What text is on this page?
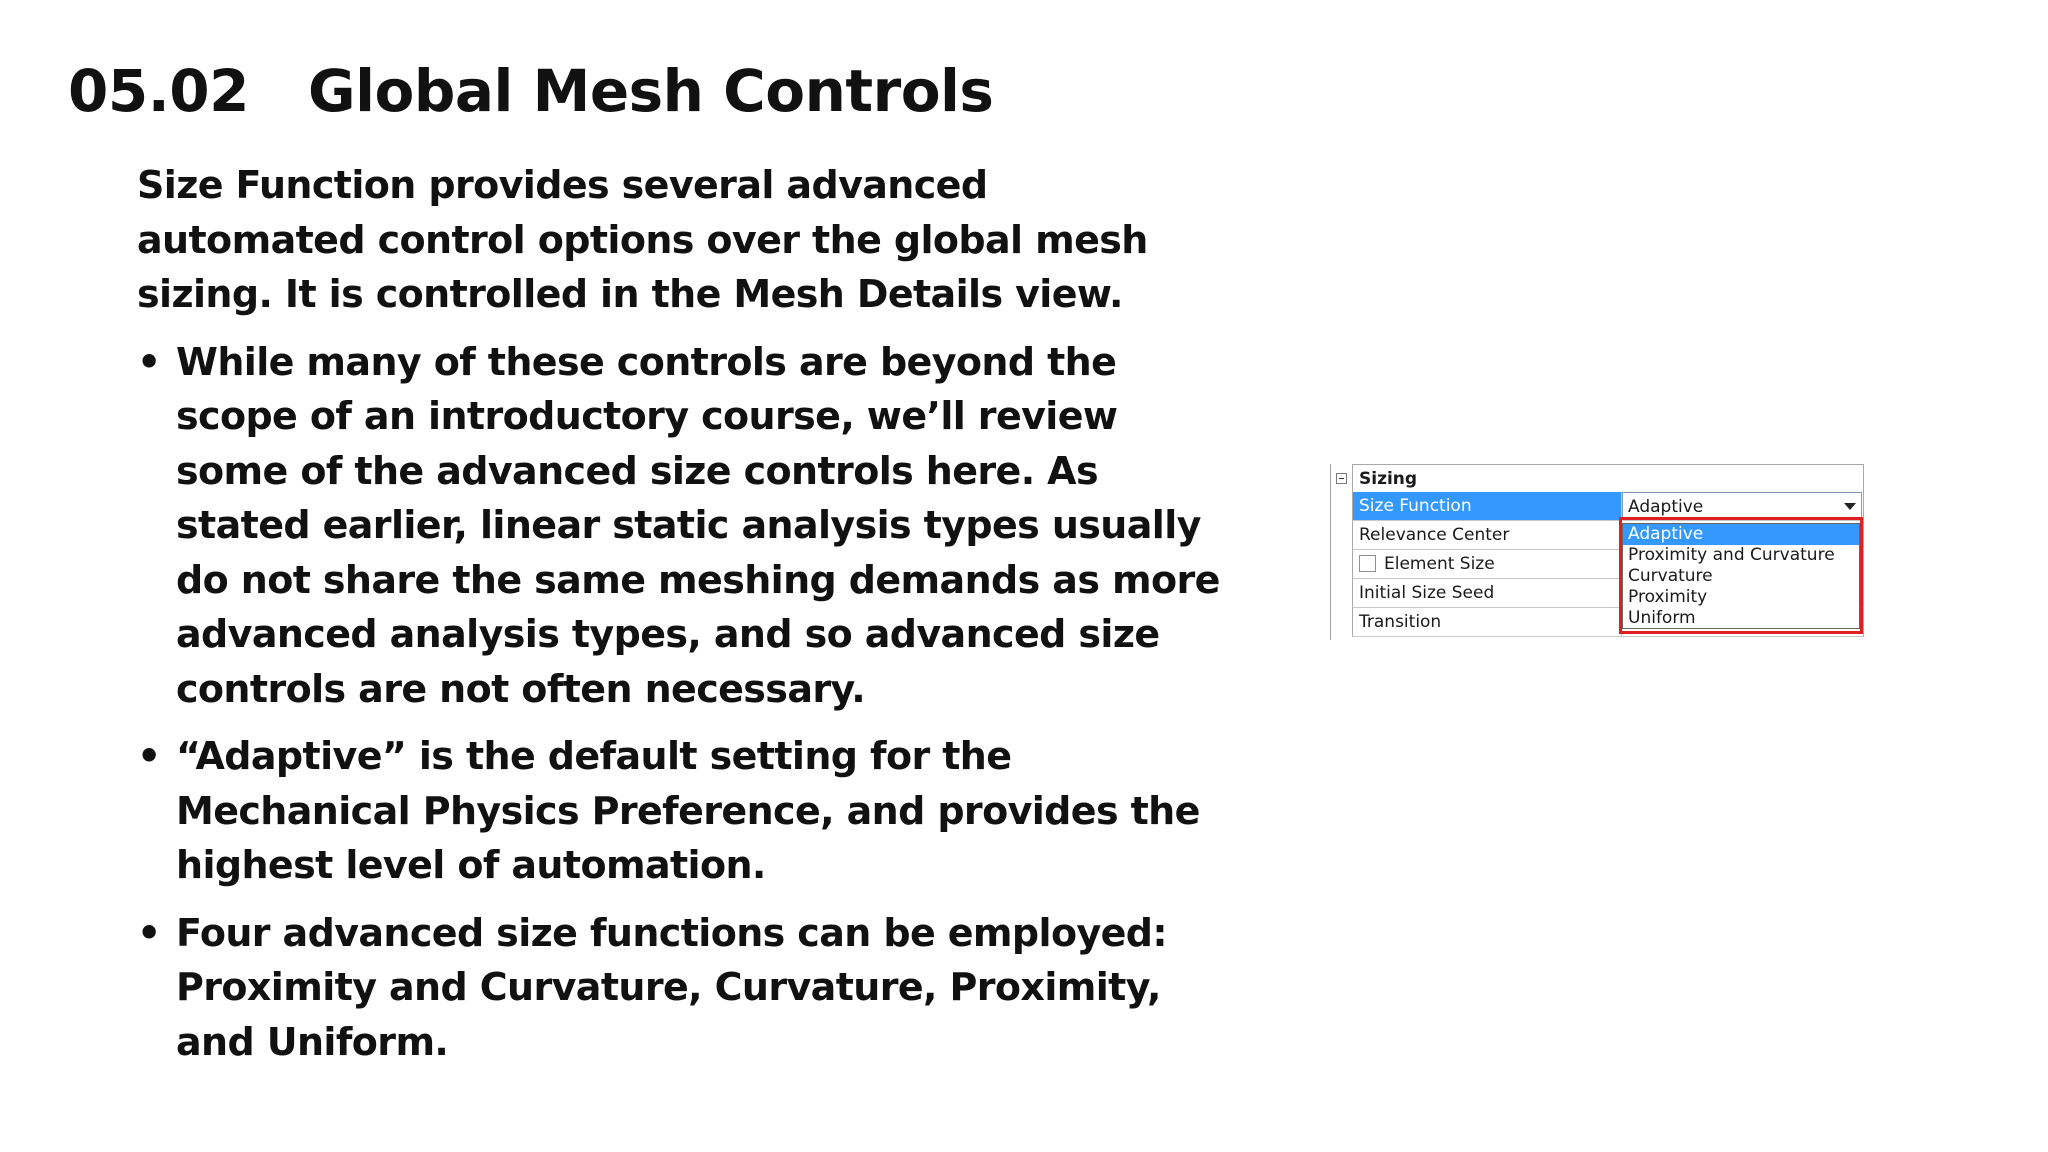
05.02   Global Mesh Controls

Size Function provides several advanced automated control options over the global mesh sizing. It is controlled in the Mesh Details view.

• While many of these controls are beyond the scope of an introductory course, we’ll review some of the advanced size controls here. As stated earlier, linear static analysis types usually do not share the same meshing demands as more advanced analysis types, and so advanced size controls are not often necessary.
• “Adaptive” is the default setting for the Mechanical Physics Preference, and provides the highest level of automation.
• Four advanced size functions can be employed: Proximity and Curvature, Curvature, Proximity, and Uniform.
Sizing
Size Function	Adaptive
Relevance Center
Element Size
Initial Size Seed
Transition
Adaptive
Proximity and Curvature
Curvature
Proximity
Uniform
